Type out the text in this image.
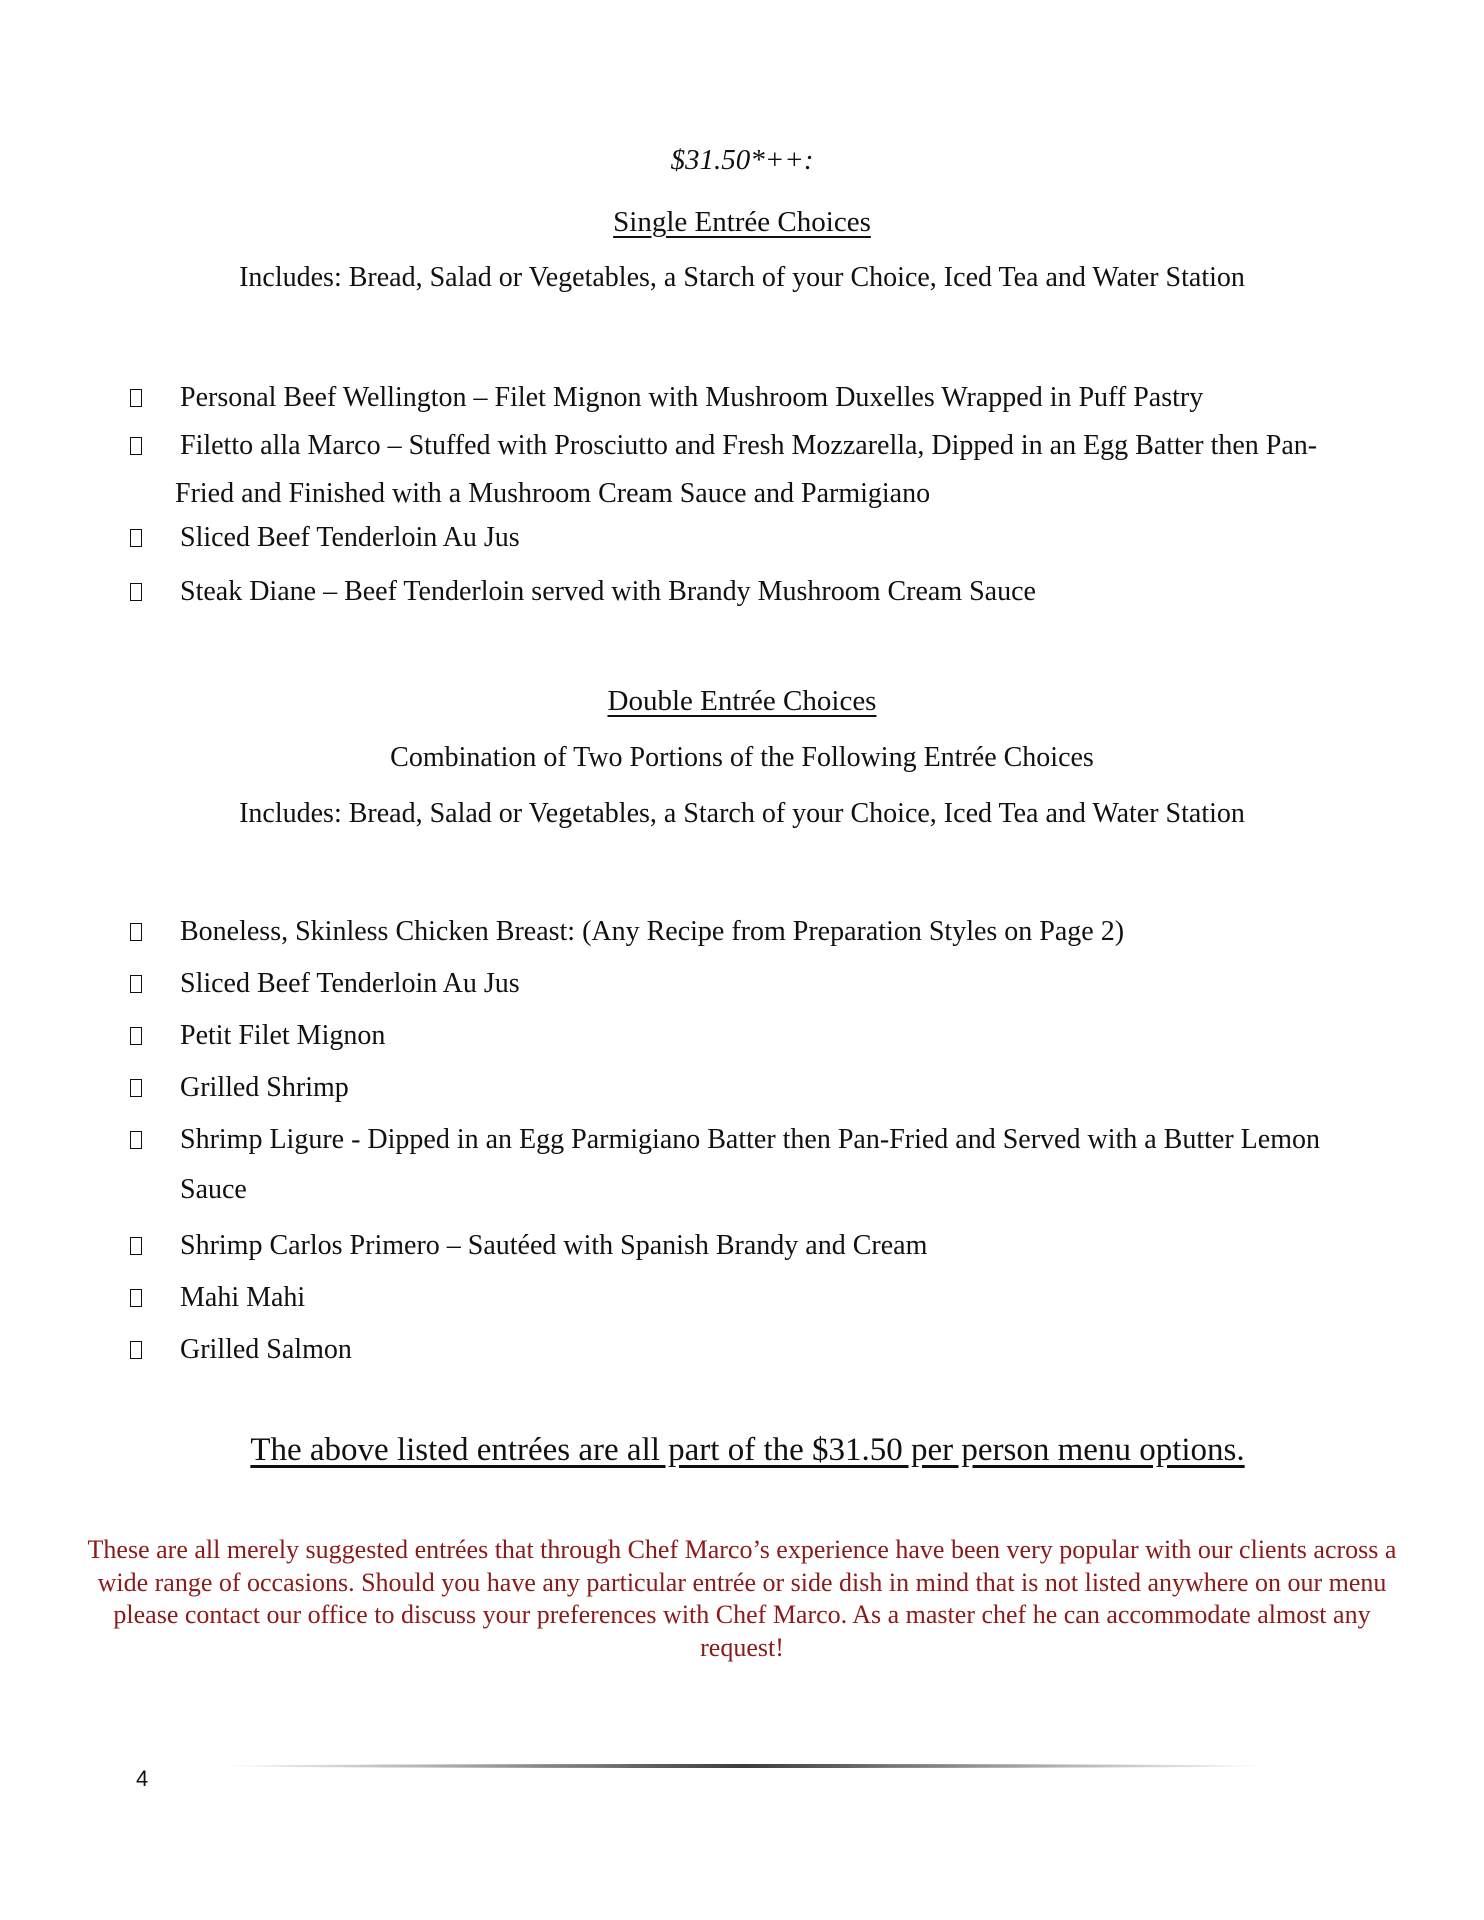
$31.50*++:
Single Entrée Choices
Includes: Bread, Salad or Vegetables, a Starch of your Choice, Iced Tea and Water Station
Personal Beef Wellington – Filet Mignon with Mushroom Duxelles Wrapped in Puff Pastry
Filetto alla Marco – Stuffed with Prosciutto and Fresh Mozzarella, Dipped in an Egg Batter then Pan-
Fried and Finished with a Mushroom Cream Sauce and Parmigiano
Sliced Beef Tenderloin Au Jus
Steak Diane – Beef Tenderloin served with Brandy Mushroom Cream Sauce
Double Entrée Choices
Combination of Two Portions of the Following Entrée Choices
Includes: Bread, Salad or Vegetables, a Starch of your Choice, Iced Tea and Water Station
Boneless, Skinless Chicken Breast: (Any Recipe from Preparation Styles on Page 2)
Sliced Beef Tenderloin Au Jus
Petit Filet Mignon
Grilled Shrimp
Shrimp Ligure - Dipped in an Egg Parmigiano Batter then Pan-Fried and Served with a Butter Lemon
Sauce
Shrimp Carlos Primero – Sautéed with Spanish Brandy and Cream
Mahi Mahi
Grilled Salmon
The above listed entrées are all part of the $31.50 per person menu options.
These are all merely suggested entrées that through Chef Marco’s experience have been very popular with our clients across a wide range of occasions. Should you have any particular entrée or side dish in mind that is not listed anywhere on our menu please contact our office to discuss your preferences with Chef Marco. As a master chef he can accommodate almost any request!
4
